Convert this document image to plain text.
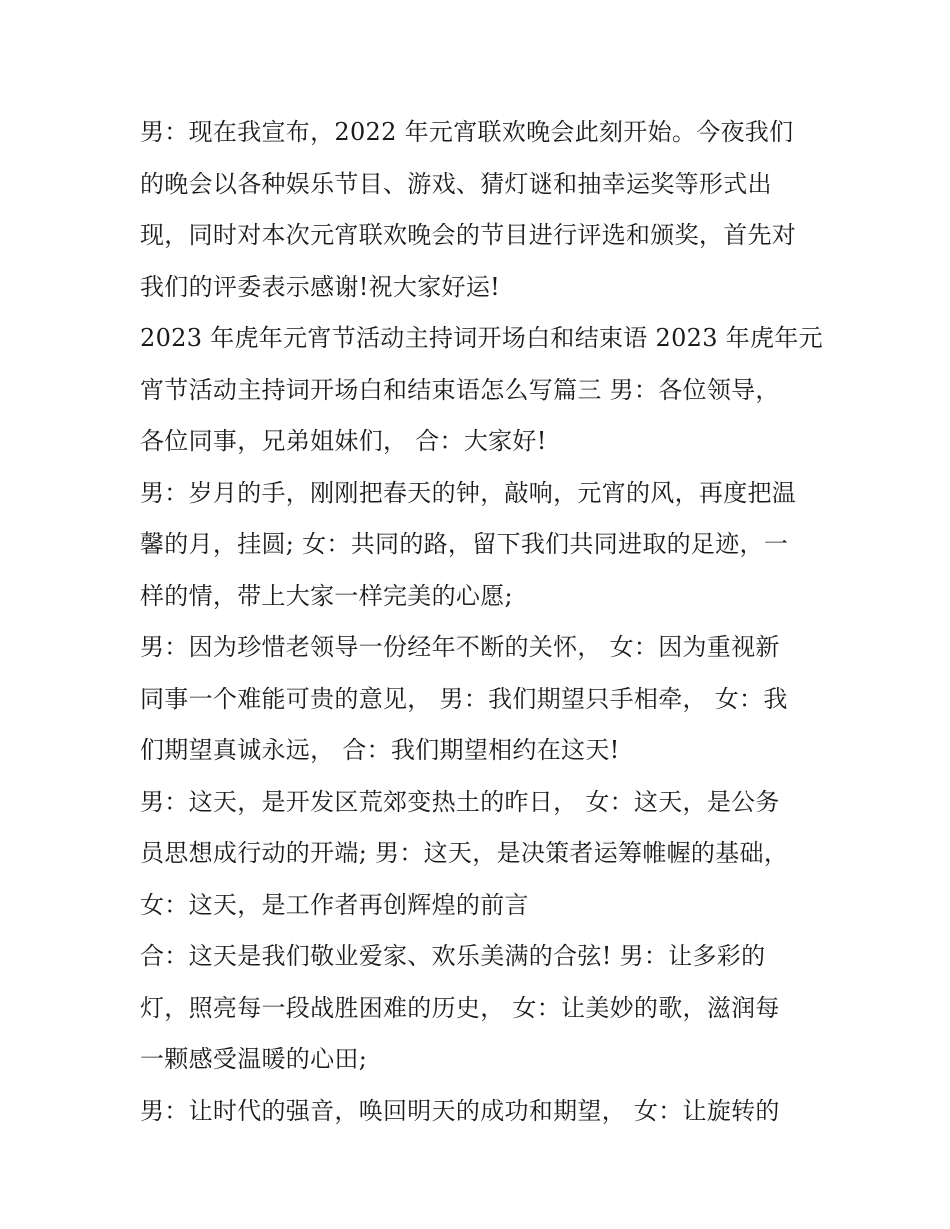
男：现在我宣布，2022 年元宵联欢晚会此刻开始。今夜我们
的晚会以各种娱乐节目、游戏、猜灯谜和抽幸运奖等形式出
现，同时对本次元宵联欢晚会的节目进行评选和颁奖，首先对
我们的评委表示感谢!祝大家好运!
2023 年虎年元宵节活动主持词开场白和结束语 2023 年虎年元
宵节活动主持词开场白和结束语怎么写篇三 男：各位领导，
各位同事，兄弟姐妹们， 合：大家好!
男：岁月的手，刚刚把春天的钟，敲响，元宵的风，再度把温
馨的月，挂圆; 女：共同的路，留下我们共同进取的足迹，一
样的情，带上大家一样完美的心愿;
男：因为珍惜老领导一份经年不断的关怀， 女：因为重视新
同事一个难能可贵的意见， 男：我们期望只手相牵， 女：我
们期望真诚永远， 合：我们期望相约在这天!
男：这天，是开发区荒郊变热土的昨日， 女：这天，是公务
员思想成行动的开端; 男：这天，是决策者运筹帷幄的基础，
女：这天，是工作者再创辉煌的前言
合：这天是我们敬业爱家、欢乐美满的合弦! 男：让多彩的
灯，照亮每一段战胜困难的历史， 女：让美妙的歌，滋润每
一颗感受温暖的心田;
男：让时代的强音，唤回明天的成功和期望， 女：让旋转的
